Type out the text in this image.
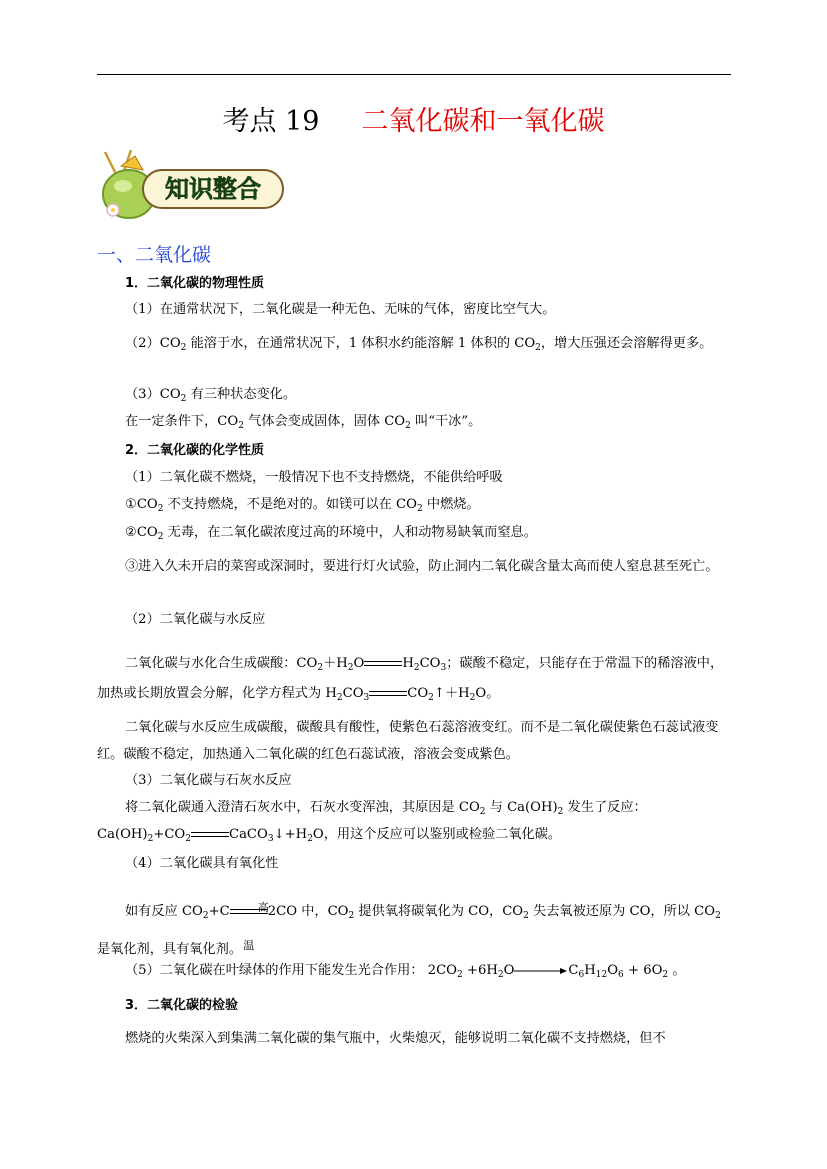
考点 19 二氧化碳和一氧化碳
知识整合
一、二氧化碳
1．二氧化碳的物理性质
（1）在通常状况下，二氧化碳是一种无色、无味的气体，密度比空气大。
$(2)CO_2$ 能溶于水，在通常状况下，1 体积水约能溶解 1 体积的 $CO_2$，增大压强还会溶解得更多。
$(3)CO_2$ 有三种状态变化。
在一定条件下，$CO_2$ 气体会变成固体，固体 $CO_2$ 叫“干冰”。
2．二氧化碳的化学性质
（1）二氧化碳不燃烧，一般情况下也不支持燃烧，不能供给呼吸
$①CO_2$ 不支持燃烧，不是绝对的。如镁可以在 $CO_2$ 中燃烧。
$②CO_2$ 无毒，在二氧化碳浓度过高的环境中，人和动物易缺氧而窒息。
③进入久未开启的菜窖或深洞时，要进行灯火试验，防止洞内二氧化碳含量太高而使人窒息甚至死亡。
（2）二氧化碳与水反应
二氧化碳与水化合生成碳酸：$CO_2+H_2O$	$H_2CO_3$；碳酸不稳定，只能存在于常温下的稀溶液中，加热或长期放置会分解，化学方程式为 $H_2CO_3$	$CO_2↑+H_2O$。
二氧化碳与水反应生成碳酸，碳酸具有酸性，使紫色石蕊溶液变红。而不是二氧化碳使紫色石蕊试液变红。碳酸不稳定，加热通入二氧化碳的红色石蕊试液，溶液会变成紫色。
（3）二氧化碳与石灰水反应
将二氧化碳通入澄清石灰水中，石灰水变浑浊，其原因是 $CO_2$ 与 $Ca(OH)_2$ 发生了反应：
$Ca(OH)_2+CO_2$	$CaCO_3↓+H_2O$，用这个反应可以鉴别或检验二氧化碳。
（4）二氧化碳具有氧化性
如有反应 $CO_2+C$	高温
2CO 中，$CO_2$ 提供氧将碳氧化为 CO，$CO_2$ 失去氧被还原为 CO，所以 $CO_2$ 是氧化剂，具有氧化剂。
（5）二氧化碳在叶绿体的作用下能发生光合作用： $2CO_2 +6H_2O$	$C_6H_{12}O_6 + 6O_2$ 。
3．二氧化碳的检验
燃烧的火柴深入到集满二氧化碳的集气瓶中，火柴熄灭，能够说明二氧化碳不支持燃烧，但不
